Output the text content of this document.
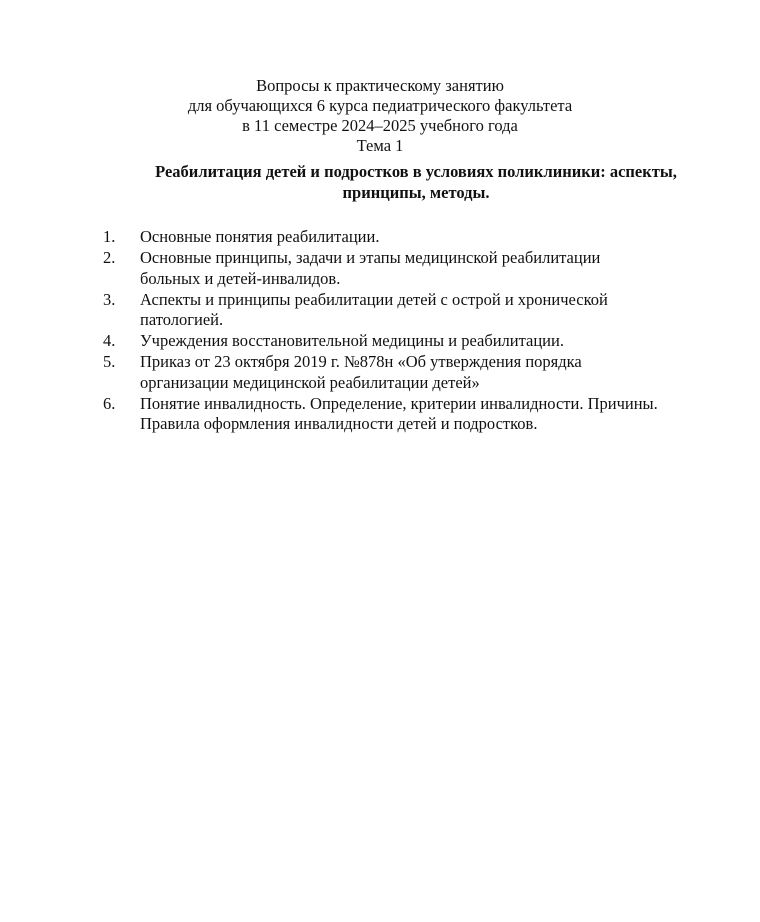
Вопросы к практическому занятию
для обучающихся 6 курса педиатрического факультета
в 11 семестре 2024–2025 учебного года
Тема 1
Реабилитация детей и подростков в условиях поликлиники: аспекты,
принципы, методы.
1. Основные понятия реабилитации.
2. Основные принципы, задачи и этапы медицинской реабилитации
больных и детей-инвалидов.
3. Аспекты и принципы реабилитации детей с острой и хронической
патологией.
4. Учреждения восстановительной медицины и реабилитации.
5. Приказ от 23 октября 2019 г. №878н «Об утверждения порядка
организации медицинской реабилитации детей»
6. Понятие инвалидность. Определение, критерии инвалидности. Причины.
Правила оформления инвалидности детей и подростков.
